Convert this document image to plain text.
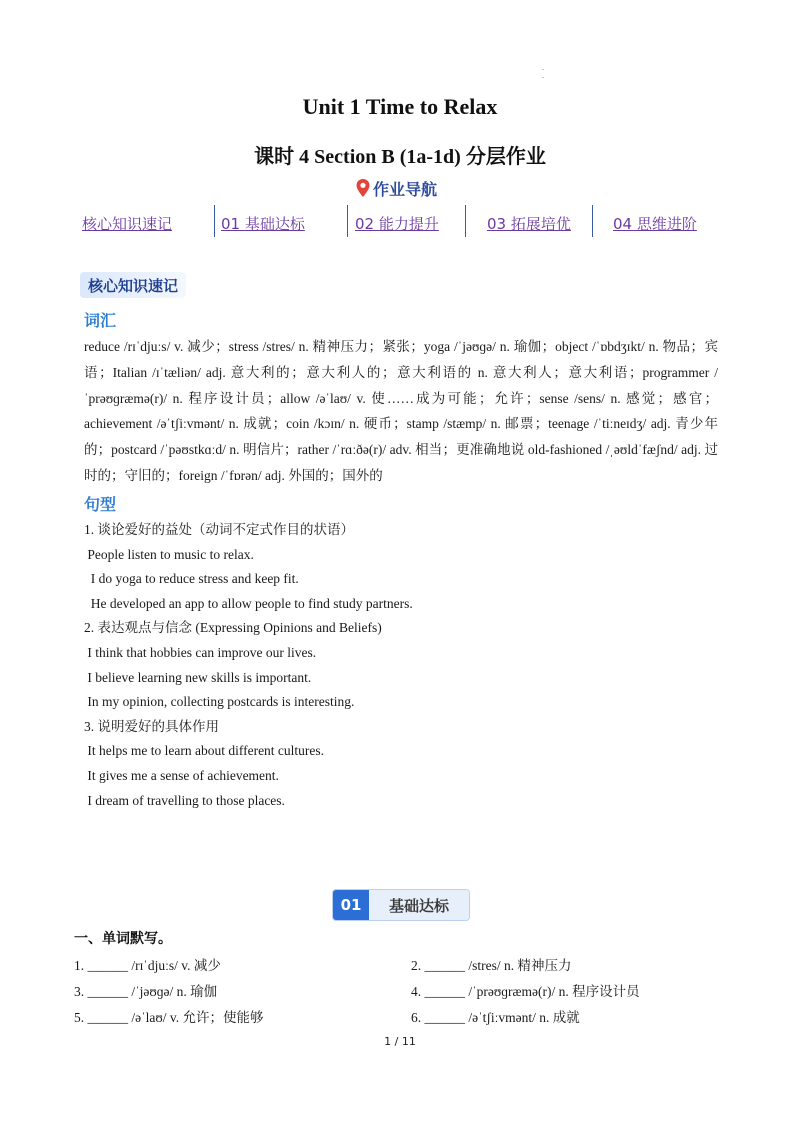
.
.
Unit 1 Time to Relax
课时 4 Section B (1a-1d) 分层作业
作业导航
核心知识速记	01 基础达标	02 能力提升	03 拓展培优	04 思维进阶
核心知识速记
词汇
reduce /rɪˈdjuːs/ v. 减少；stress /stres/ n. 精神压力；紧张；yoga /ˈjəʊɡə/ n. 瑜伽；object /ˈɒbdʒɪkt/ n. 物品；宾语；Italian /ɪˈtæliən/ adj. 意大利的；意大利人的；意大利语的 n. 意大利人；意大利语；programmer /ˈprəʊɡræmə(r)/ n. 程序设计员；allow /əˈlaʊ/ v. 使……成为可能；允许；sense /sens/ n. 感觉；感官；achievement /əˈtʃiːvmənt/ n. 成就；coin /kɔɪn/ n. 硬币；stamp /stæmp/ n. 邮票；teenage /ˈtiːneɪdʒ/ adj. 青少年的；postcard /ˈpəʊstkɑːd/ n. 明信片；rather /ˈrɑːðə(r)/ adv. 相当；更准确地说 old-fashioned /ˌəʊldˈfæʃnd/ adj. 过时的；守旧的；foreign /ˈfɒrən/ adj. 外国的；国外的
句型
1. 谈论爱好的益处（动词不定式作目的状语）
People listen to music to relax.
I do yoga to reduce stress and keep fit.
He developed an app to allow people to find study partners.
2. 表达观点与信念 (Expressing Opinions and Beliefs)
I think that hobbies can improve our lives.
I believe learning new skills is important.
In my opinion, collecting postcards is interesting.
3. 说明爱好的具体作用
It helps me to learn about different cultures.
It gives me a sense of achievement.
I dream of travelling to those places.
01	基础达标
一、单词默写。
1. ______ /rɪˈdjuːs/ v. 减少	2. ______ /stres/ n. 精神压力
3. ______ /ˈjəʊɡə/ n. 瑜伽	4. ______ /ˈprəʊɡræmə(r)/ n. 程序设计员
5. ______ /əˈlaʊ/ v. 允许；使能够	6. ______ /əˈtʃiːvmənt/ n. 成就
1 / 11
